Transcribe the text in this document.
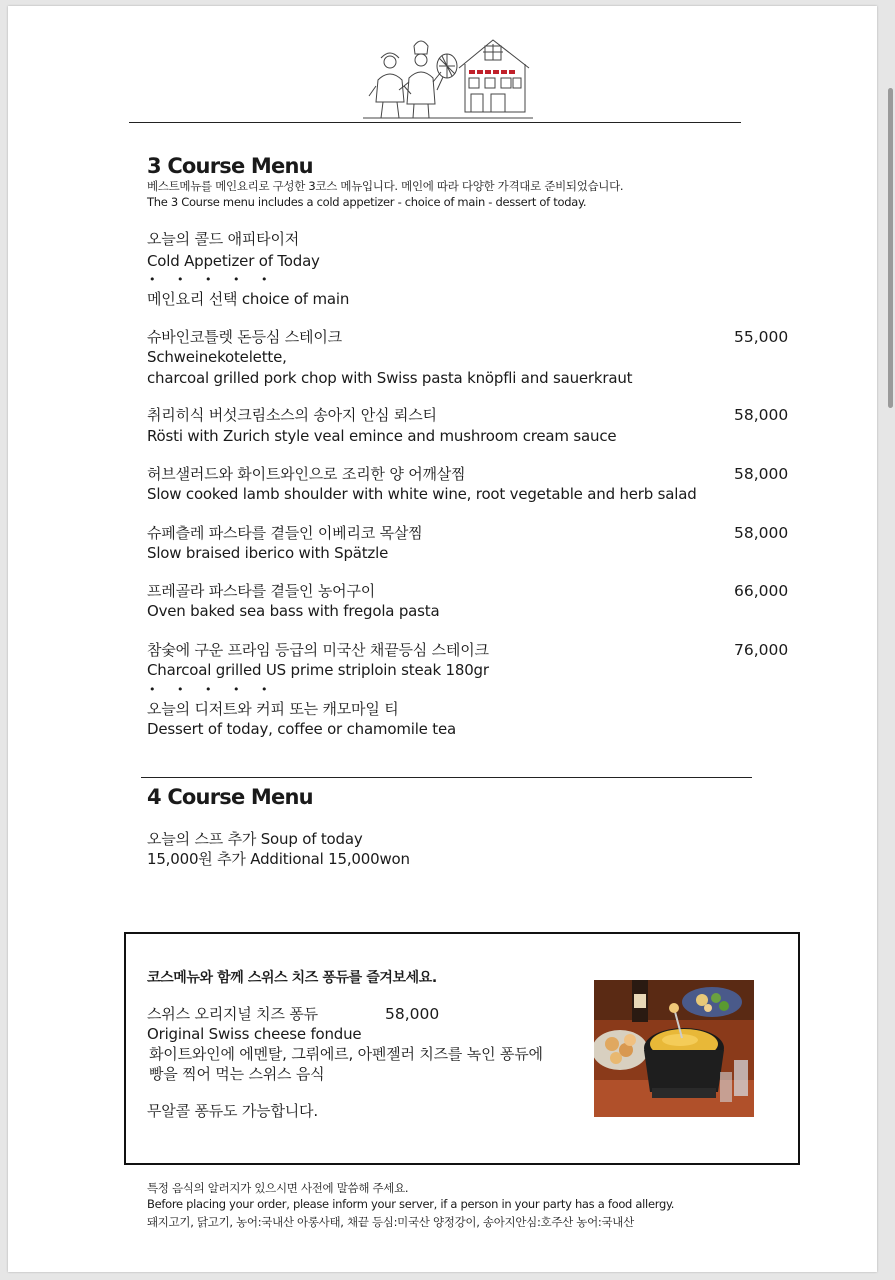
3 Course Menu
베스트메뉴를 메인요리로 구성한 3코스 메뉴입니다. 메인에 따라 다양한 가격대로 준비되었습니다.
The 3 Course menu includes a cold appetizer - choice of main - dessert of today.
오늘의 콜드 애피타이저
Cold Appetizer of Today
• • • • •
메인요리 선택 choice of main
슈바인코틀렛 돈등심 스테이크
Schweinekotelette,
charcoal grilled pork chop with Swiss pasta knöpfli and sauerkraut
55,000
취리히식 버섯크림소스의 송아지 안심 뢰스티
Rösti with Zurich style veal emince and mushroom cream sauce
58,000
허브샐러드와 화이트와인으로 조리한 양 어깨살찜
Slow cooked lamb shoulder with white wine, root vegetable and herb salad
58,000
슈페츨레 파스타를 곁들인 이베리코 목살찜
Slow braised iberico with Spätzle
58,000
프레골라 파스타를 곁들인 농어구이
Oven baked sea bass with fregola pasta
66,000
참숯에 구운 프라임 등급의 미국산 채끝등심 스테이크
Charcoal grilled US prime striploin steak 180gr
76,000
• • • • •
오늘의 디저트와 커피 또는 캐모마일 티
Dessert of today, coffee or chamomile tea
4 Course Menu
오늘의 스프 추가 Soup of today
15,000원 추가 Additional 15,000won
코스메뉴와 함께 스위스 치즈 퐁듀를 즐겨보세요.
스위스 오리지널 치즈 퐁듀	58,000
Original Swiss cheese fondue
화이트와인에 에멘탈, 그뤼에르, 아펜젤러 치즈를 녹인 퐁듀에
빵을 찍어 먹는 스위스 음식
무알콜 퐁듀도 가능합니다.
특정 음식의 알러지가 있으시면 사전에 말씀해 주세요.
Before placing your order, please inform your server, if a person in your party has a food allergy.
돼지고기, 닭고기, 농어:국내산 아롱사태, 채끝 등심:미국산 양정강이, 송아지안심:호주산 농어:국내산
